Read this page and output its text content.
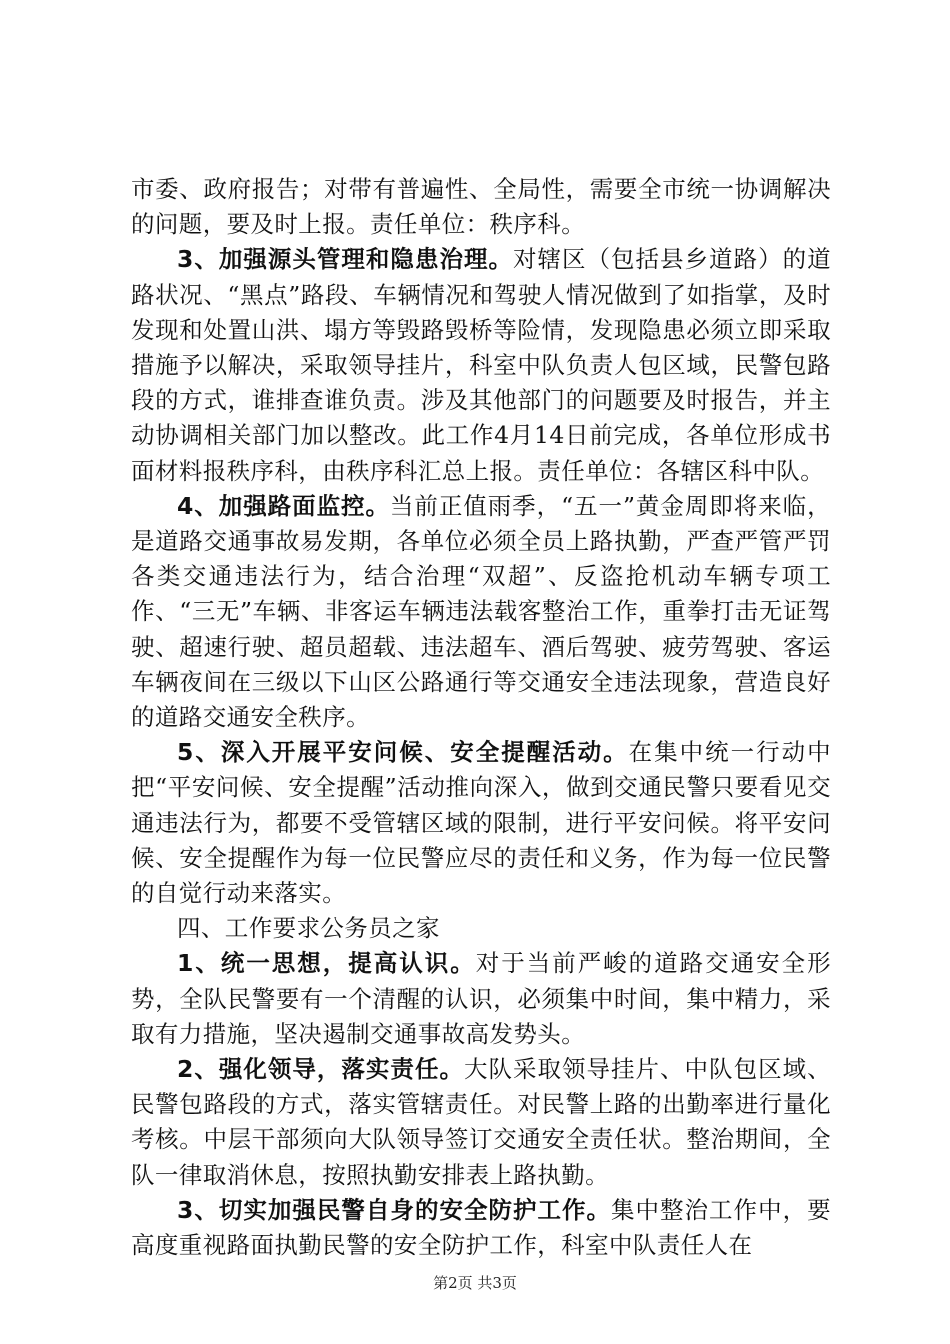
市委、政府报告；对带有普遍性、全局性，需要全市统一协调解决的问题，要及时上报。责任单位：秩序科。

3、加强源头管理和隐患治理。对辖区（包括县乡道路）的道路状况、“黑点”路段、车辆情况和驾驶人情况做到了如指掌，及时发现和处置山洪、塌方等毁路毁桥等险情，发现隐患必须立即采取措施予以解决，采取领导挂片，科室中队负责人包区域，民警包路段的方式，谁排查谁负责。涉及其他部门的问题要及时报告，并主动协调相关部门加以整改。此工作4月14日前完成，各单位形成书面材料报秩序科，由秩序科汇总上报。责任单位：各辖区科中队。

4、加强路面监控。当前正值雨季，“五一”黄金周即将来临，是道路交通事故易发期，各单位必须全员上路执勤，严查严管严罚各类交通违法行为，结合治理“双超”、反盗抢机动车辆专项工作、“三无”车辆、非客运车辆违法载客整治工作，重拳打击无证驾驶、超速行驶、超员超载、违法超车、酒后驾驶、疲劳驾驶、客运车辆夜间在三级以下山区公路通行等交通安全违法现象，营造良好的道路交通安全秩序。

5、深入开展平安问候、安全提醒活动。在集中统一行动中把“平安问候、安全提醒”活动推向深入，做到交通民警只要看见交通违法行为，都要不受管辖区域的限制，进行平安问候。将平安问候、安全提醒作为每一位民警应尽的责任和义务，作为每一位民警的自觉行动来落实。

四、工作要求公务员之家

1、统一思想，提高认识。对于当前严峻的道路交通安全形势，全队民警要有一个清醒的认识，必须集中时间，集中精力，采取有力措施，坚决遏制交通事故高发势头。

2、强化领导，落实责任。大队采取领导挂片、中队包区域、民警包路段的方式，落实管辖责任。对民警上路的出勤率进行量化考核。中层干部须向大队领导签订交通安全责任状。整治期间，全队一律取消休息，按照执勤安排表上路执勤。

3、切实加强民警自身的安全防护工作。集中整治工作中，要高度重视路面执勤民警的安全防护工作，科室中队责任人在

第2页 共3页
